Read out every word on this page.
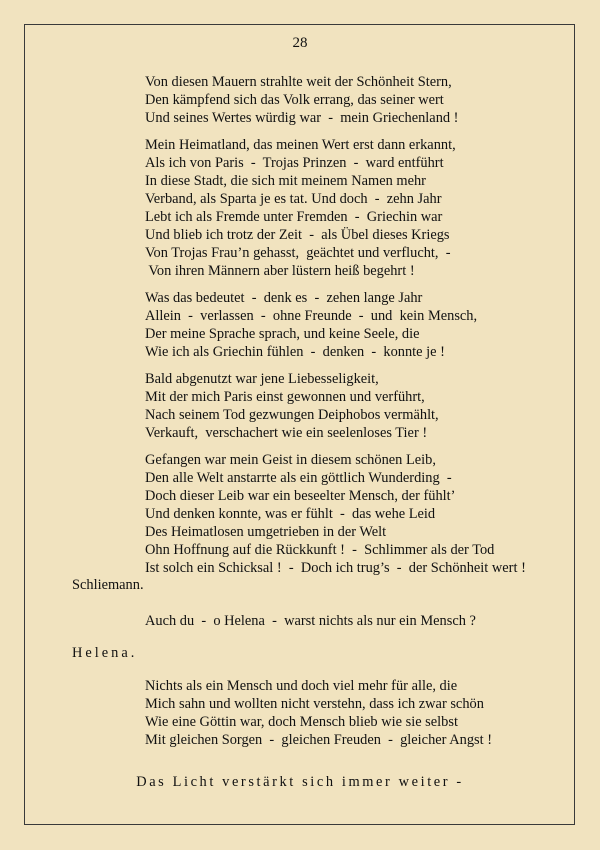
28
Von diesen Mauern strahlte weit der Schönheit Stern,
Den kämpfend sich das Volk errang, das seiner wert
Und seines Wertes würdig war  -  mein Griechenland !
Mein Heimatland, das meinen Wert erst dann erkannt,
Als ich von Paris  -  Trojas Prinzen  -  ward entführt
In diese Stadt, die sich mit meinem Namen mehr
Verband, als Sparta je es tat. Und doch  -  zehn Jahr
Lebt ich als Fremde unter Fremden  -  Griechin war
Und blieb ich trotz der Zeit  -  als Übel dieses Kriegs
Von Trojas Frau’n gehasst,  geächtet und verflucht,  -
Von ihren Männern aber lüstern heiß begehrt !
Was das bedeutet  -  denk es  -  zehen lange Jahr
Allein  -  verlassen  -  ohne Freunde  -  und  kein Mensch,
Der meine Sprache sprach, und keine Seele, die
Wie ich als Griechin fühlen  -  denken  -  konnte je !
Bald abgenutzt war jene Liebesseligkeit,
Mit der mich Paris einst gewonnen und verführt,
Nach seinem Tod gezwungen Deiphobos vermählt,
Verkauft,  verschachert wie ein seelenloses Tier !
Gefangen war mein Geist in diesem schönen Leib,
Den alle Welt anstarrte als ein göttlich Wunderding  -
Doch dieser Leib war ein beseelter Mensch, der fühlt’
Und denken konnte, was er fühlt  -  das wehe Leid
Des Heimatlosen umgetrieben in der Welt
Ohn Hoffnung auf die Rückkunft !  -  Schlimmer als der Tod
Ist solch ein Schicksal !  -  Doch ich trug’s  -  der Schönheit wert !
Schliemann.
Auch du  -  o Helena  -  warst nichts als nur ein Mensch ?
Helena.
Nichts als ein Mensch und doch viel mehr für alle, die
Mich sahn und wollten nicht verstehn, dass ich zwar schön
Wie eine Göttin war, doch Mensch blieb wie sie selbst
Mit gleichen Sorgen  -  gleichen Freuden  -  gleicher Angst !
Das Licht verstärkt sich immer weiter -
